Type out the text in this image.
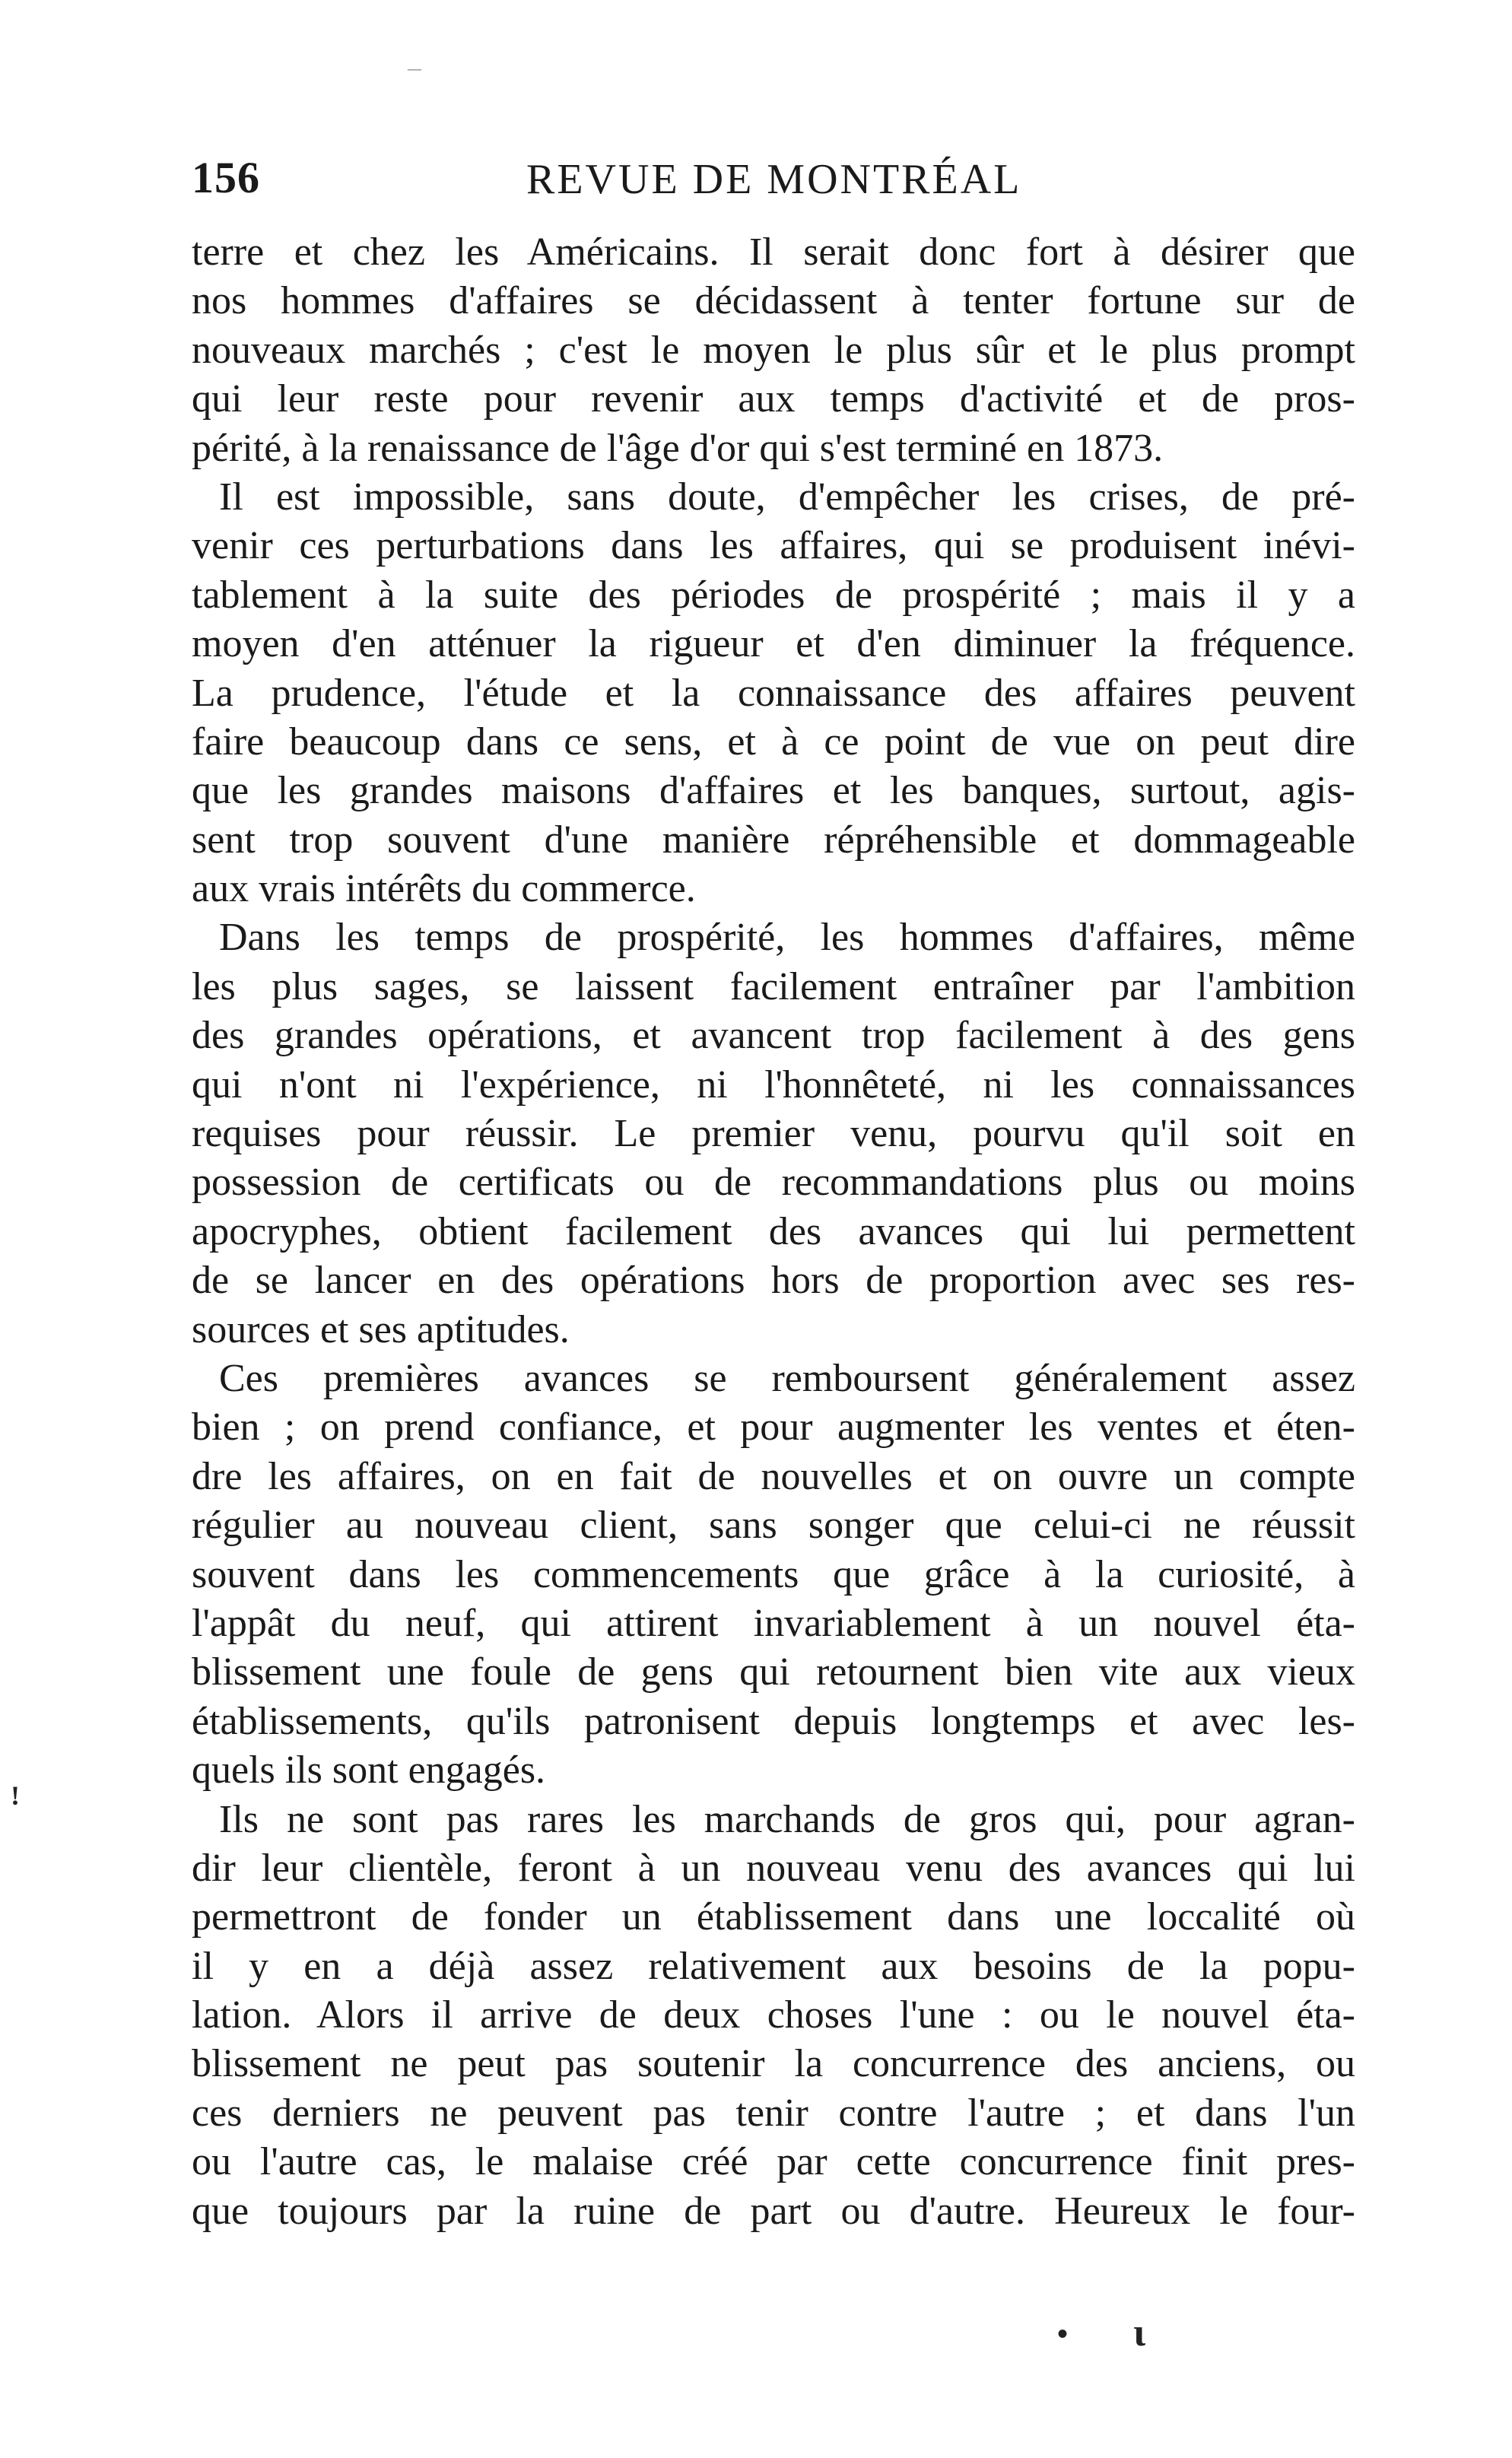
—
156	REVUE DE MONTRÉAL
terre et chez les Américains. Il serait donc fort à désirer que
nos hommes d'affaires se décidassent à tenter fortune sur de
nouveaux marchés ; c'est le moyen le plus sûr et le plus prompt
qui leur reste pour revenir aux temps d'activité et de pros-
périté, à la renaissance de l'âge d'or qui s'est terminé en 1873.
Il est impossible, sans doute, d'empêcher les crises, de pré-
venir ces perturbations dans les affaires, qui se produisent inévi-
tablement à la suite des périodes de prospérité ; mais il y a
moyen d'en atténuer la rigueur et d'en diminuer la fréquence.
La prudence, l'étude et la connaissance des affaires peuvent
faire beaucoup dans ce sens, et à ce point de vue on peut dire
que les grandes maisons d'affaires et les banques, surtout, agis-
sent trop souvent d'une manière répréhensible et dommageable
aux vrais intérêts du commerce.
Dans les temps de prospérité, les hommes d'affaires, même
les plus sages, se laissent facilement entraîner par l'ambition
des grandes opérations, et avancent trop facilement à des gens
qui n'ont ni l'expérience, ni l'honnêteté, ni les connaissances
requises pour réussir. Le premier venu, pourvu qu'il soit en
possession de certificats ou de recommandations plus ou moins
apocryphes, obtient facilement des avances qui lui permettent
de se lancer en des opérations hors de proportion avec ses res-
sources et ses aptitudes.
Ces premières avances se remboursent généralement assez
bien ; on prend confiance, et pour augmenter les ventes et éten-
dre les affaires, on en fait de nouvelles et on ouvre un compte
régulier au nouveau client, sans songer que celui-ci ne réussit
souvent dans les commencements que grâce à la curiosité, à
l'appât du neuf, qui attirent invariablement à un nouvel éta-
blissement une foule de gens qui retournent bien vite aux vieux
établissements, qu'ils patronisent depuis longtemps et avec les-
quels ils sont engagés.
Ils ne sont pas rares les marchands de gros qui, pour agran-
dir leur clientèle, feront à un nouveau venu des avances qui lui
permettront de fonder un établissement dans une loccalité où
il y en a déjà assez relativement aux besoins de la popu-
lation. Alors il arrive de deux choses l'une : ou le nouvel éta-
blissement ne peut pas soutenir la concurrence des anciens, ou
ces derniers ne peuvent pas tenir contre l'autre ; et dans l'un
ou l'autre cas, le malaise créé par cette concurrence finit pres-
que toujours par la ruine de part ou d'autre. Heureux le four-
!
• ι
